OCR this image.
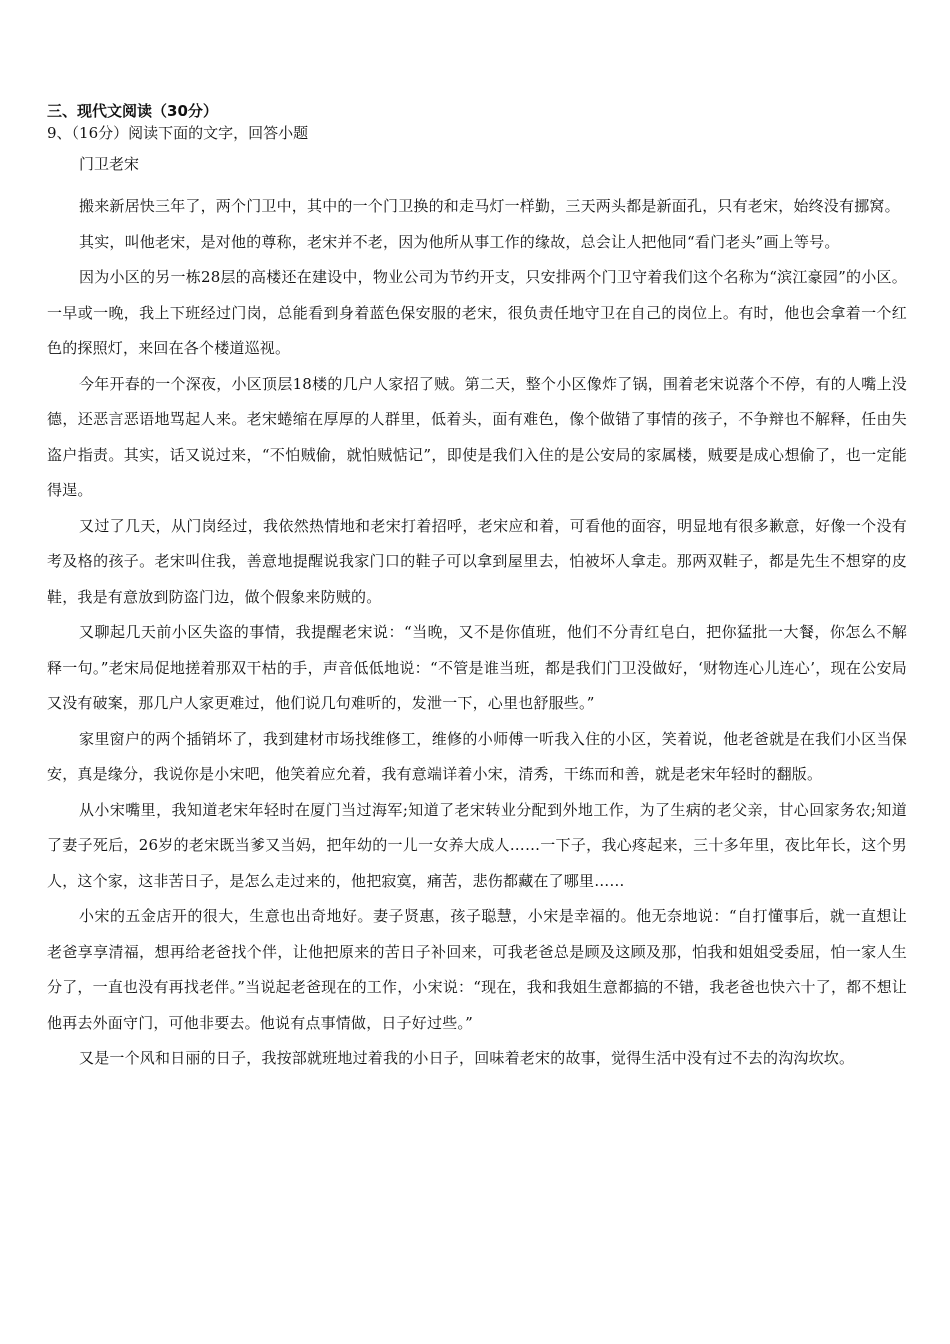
三、现代文阅读（30分）

9、（16分）阅读下面的文字，回答小题

门卫老宋

搬来新居快三年了，两个门卫中，其中的一个门卫换的和走马灯一样勤，三天两头都是新面孔，只有老宋，始终没有挪窝。

其实，叫他老宋，是对他的尊称，老宋并不老，因为他所从事工作的缘故，总会让人把他同“看门老头”画上等号。

因为小区的另一栋28层的高楼还在建设中，物业公司为节约开支，只安排两个门卫守着我们这个名称为“滨江豪园”的小区。一早或一晚，我上下班经过门岗，总能看到身着蓝色保安服的老宋，很负责任地守卫在自己的岗位上。有时，他也会拿着一个红色的探照灯，来回在各个楼道巡视。

今年开春的一个深夜，小区顶层18楼的几户人家招了贼。第二天，整个小区像炸了锅，围着老宋说落个不停，有的人嘴上没德，还恶言恶语地骂起人来。老宋蜷缩在厚厚的人群里，低着头，面有难色，像个做错了事情的孩子，不争辩也不解释，任由失盗户指责。其实，话又说过来，“不怕贼偷，就怕贼惦记”，即使是我们入住的是公安局的家属楼，贼要是成心想偷了，也一定能得逞。

又过了几天，从门岗经过，我依然热情地和老宋打着招呼，老宋应和着，可看他的面容，明显地有很多歉意，好像一个没有考及格的孩子。老宋叫住我，善意地提醒说我家门口的鞋子可以拿到屋里去，怕被坏人拿走。那两双鞋子，都是先生不想穿的皮鞋，我是有意放到防盗门边，做个假象来防贼的。

又聊起几天前小区失盗的事情，我提醒老宋说：“当晚，又不是你值班，他们不分青红皂白，把你猛批一大餐，你怎么不解释一句。”老宋局促地搓着那双干枯的手，声音低低地说：“不管是谁当班，都是我们门卫没做好，‘财物连心儿连心’，现在公安局又没有破案，那几户人家更难过，他们说几句难听的，发泄一下，心里也舒服些。”

家里窗户的两个插销坏了，我到建材市场找维修工，维修的小师傅一听我入住的小区，笑着说，他老爸就是在我们小区当保安，真是缘分，我说你是小宋吧，他笑着应允着，我有意端详着小宋，清秀，干练而和善，就是老宋年轻时的翻版。

从小宋嘴里，我知道老宋年轻时在厦门当过海军;知道了老宋转业分配到外地工作，为了生病的老父亲，甘心回家务农;知道了妻子死后，26岁的老宋既当爹又当妈，把年幼的一儿一女养大成人……一下子，我心疼起来，三十多年里，夜比年长，这个男人，这个家，这非苦日子，是怎么走过来的，他把寂寞，痛苦，悲伤都藏在了哪里……

小宋的五金店开的很大，生意也出奇地好。妻子贤惠，孩子聪慧，小宋是幸福的。他无奈地说：“自打懂事后，就一直想让老爸享享清福，想再给老爸找个伴，让他把原来的苦日子补回来，可我老爸总是顾及这顾及那，怕我和姐姐受委屈，怕一家人生分了，一直也没有再找老伴。”当说起老爸现在的工作，小宋说：“现在，我和我姐生意都搞的不错，我老爸也快六十了，都不想让他再去外面守门，可他非要去。他说有点事情做，日子好过些。”

又是一个风和日丽的日子，我按部就班地过着我的小日子，回味着老宋的故事，觉得生活中没有过不去的沟沟坎坎。
